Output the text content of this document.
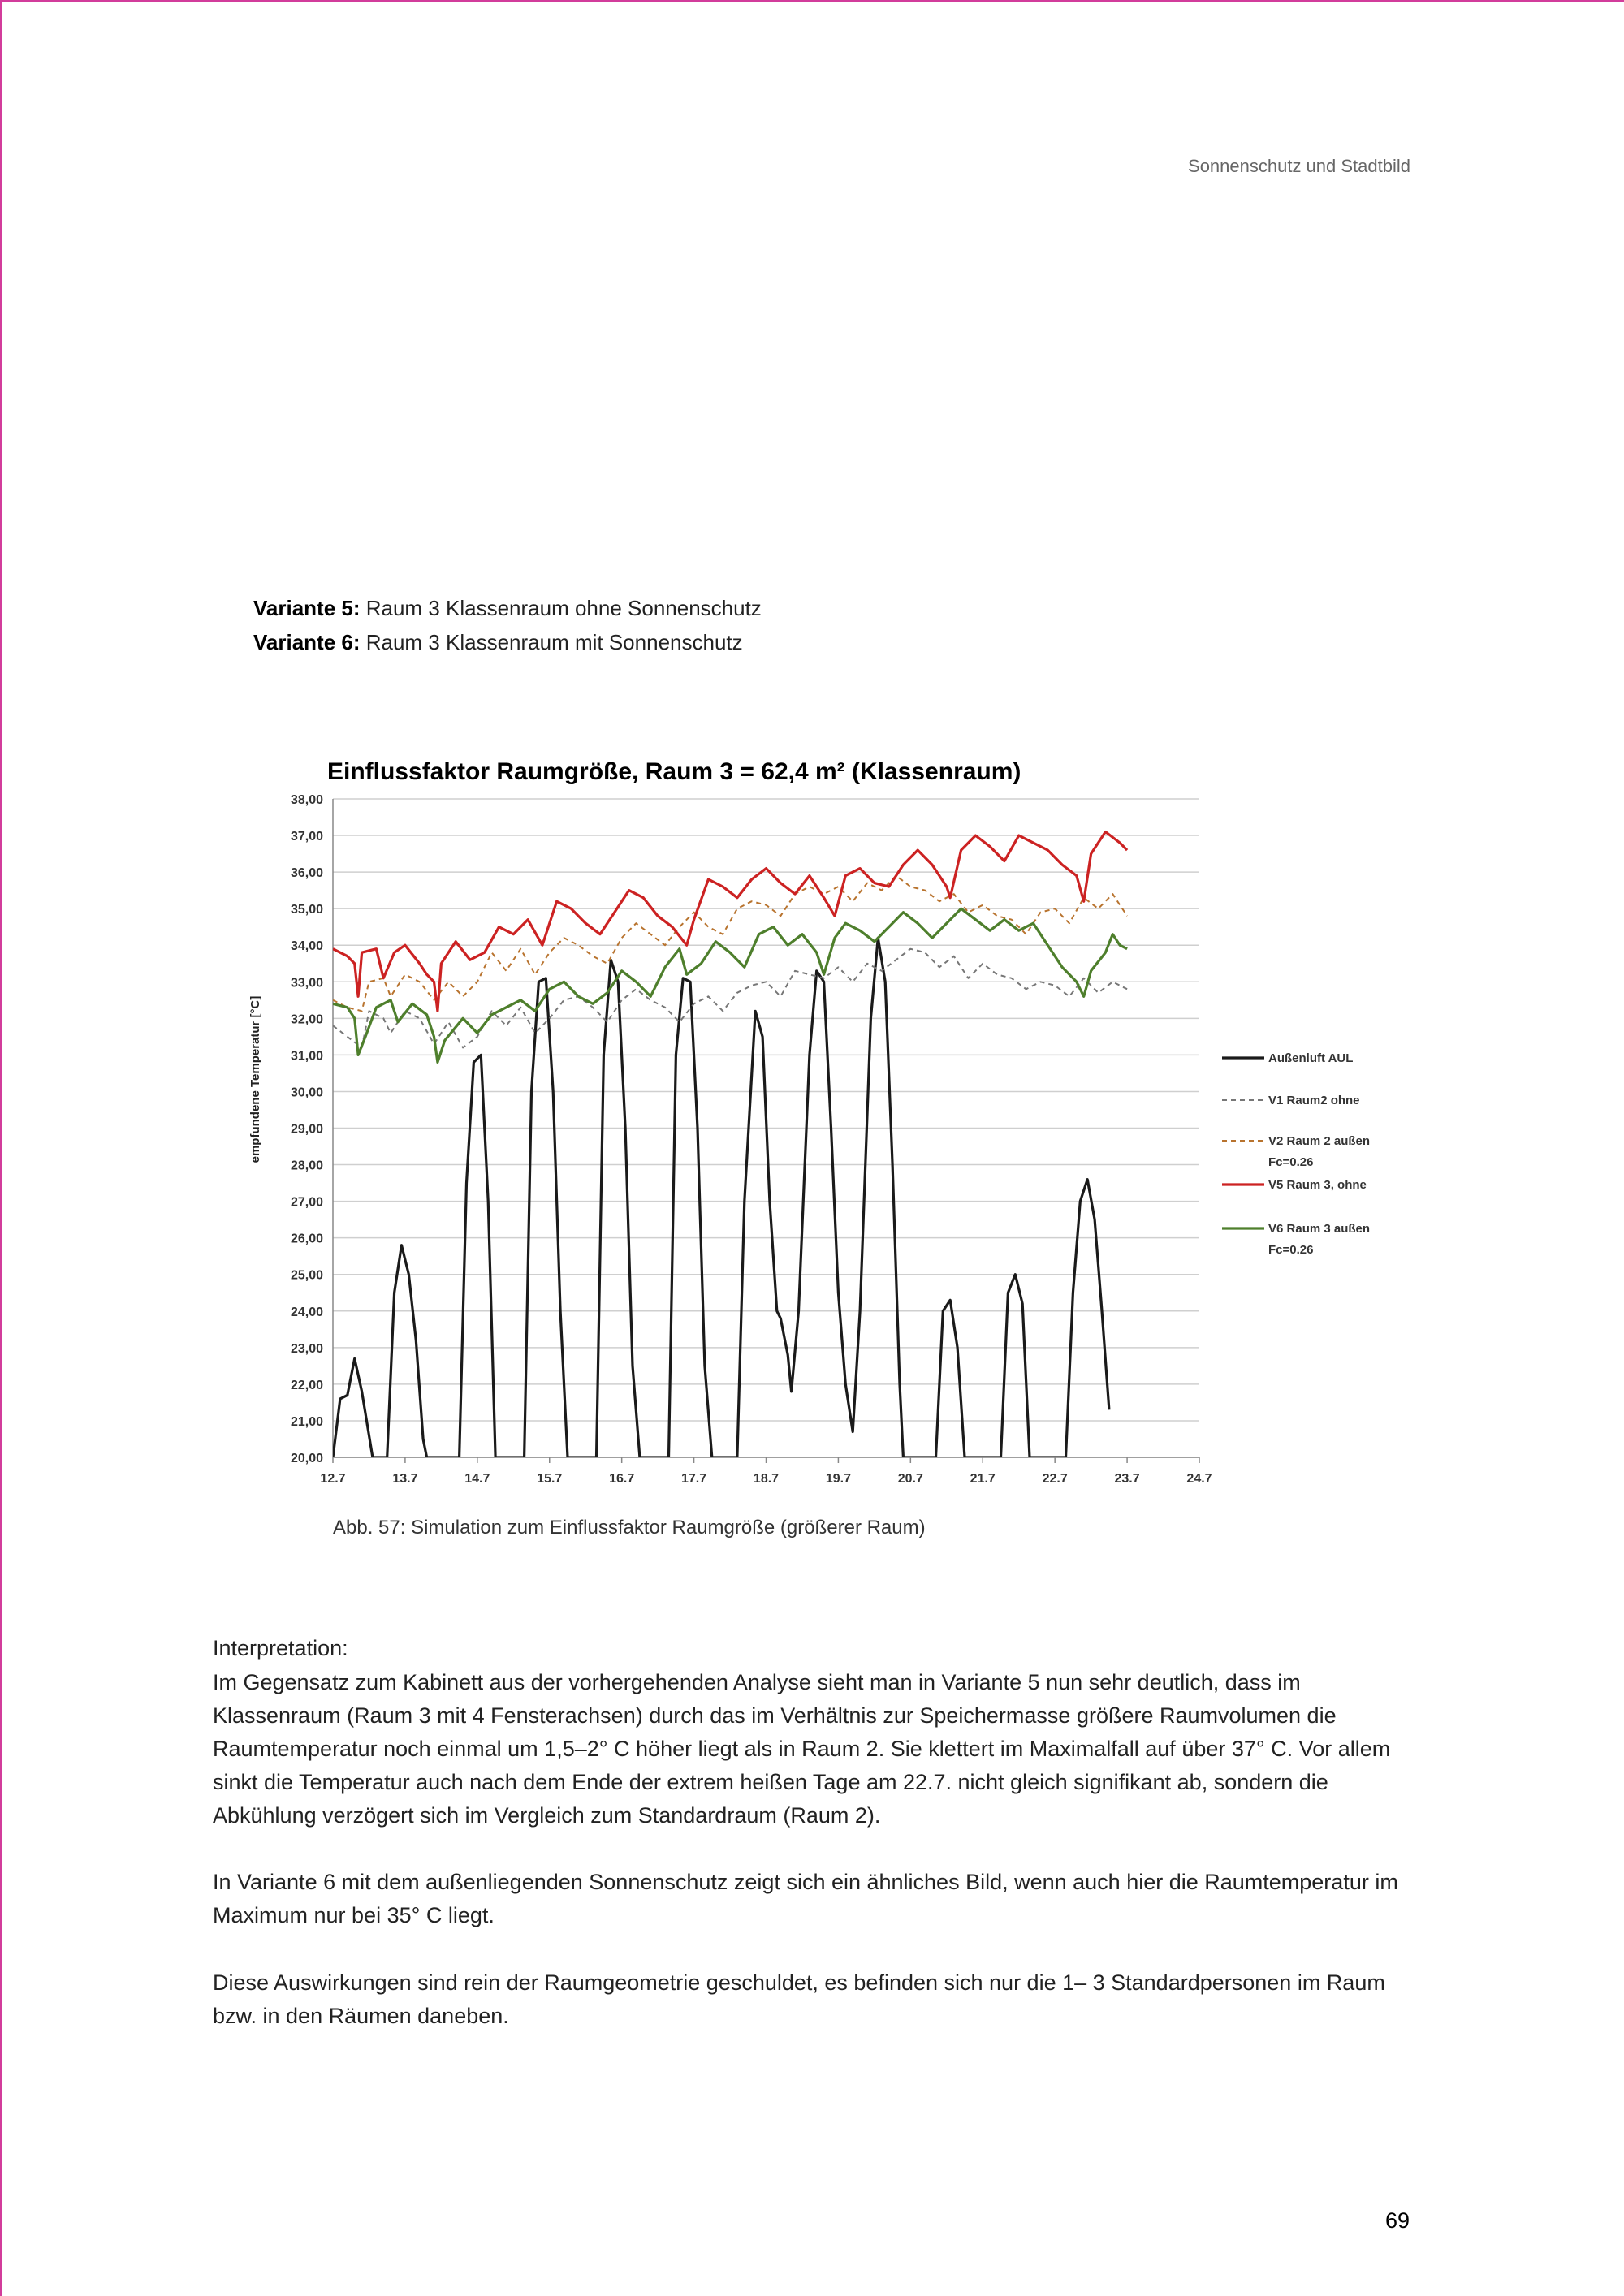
Sonnenschutz und Stadtbild
Variante 5: Raum 3 Klassenraum ohne Sonnenschutz
Variante 6: Raum 3 Klassenraum mit Sonnenschutz
Einflussfaktor Raumgröße, Raum 3 = 62,4 m² (Klassenraum)
20,00
21,00
22,00
23,00
24,00
25,00
26,00
27,00
28,00
29,00
30,00
31,00
32,00
33,00
34,00
35,00
36,00
37,00
38,00
12.7	13.7	14.7	15.7	16.7	17.7	18.7	19.7	20.7	21.7	22.7	23.7	24.7
empfundene Temperatur [°C]	Außenluft AUL
V1 Raum2 ohne
V2 Raum 2 außen
Fc=0.26
V5 Raum 3, ohne
V6 Raum 3 außen
Fc=0.26
Abb. 57: Simulation zum Einflussfaktor Raumgröße (größerer Raum)
Interpretation:
Im Gegensatz zum Kabinett aus der vorhergehenden Analyse sieht man in Variante 5 nun sehr deutlich, dass im Klassenraum (Raum 3 mit 4 Fensterachsen) durch das im Verhältnis zur Speichermasse größere Raumvolumen die Raumtemperatur noch einmal um 1,5–2° C höher liegt als in Raum 2. Sie klettert im Maximalfall auf über 37° C. Vor allem sinkt die Temperatur auch nach dem Ende der extrem heißen Tage am 22.7. nicht gleich signifikant ab, sondern die Abkühlung verzögert sich im Vergleich zum Standardraum (Raum 2).
In Variante 6 mit dem außenliegenden Sonnenschutz zeigt sich ein ähnliches Bild, wenn auch hier die Raumtemperatur im Maximum nur bei 35° C liegt.
Diese Auswirkungen sind rein der Raumgeometrie geschuldet, es befinden sich nur die 1– 3 Standardpersonen im Raum bzw. in den Räumen daneben.
69
